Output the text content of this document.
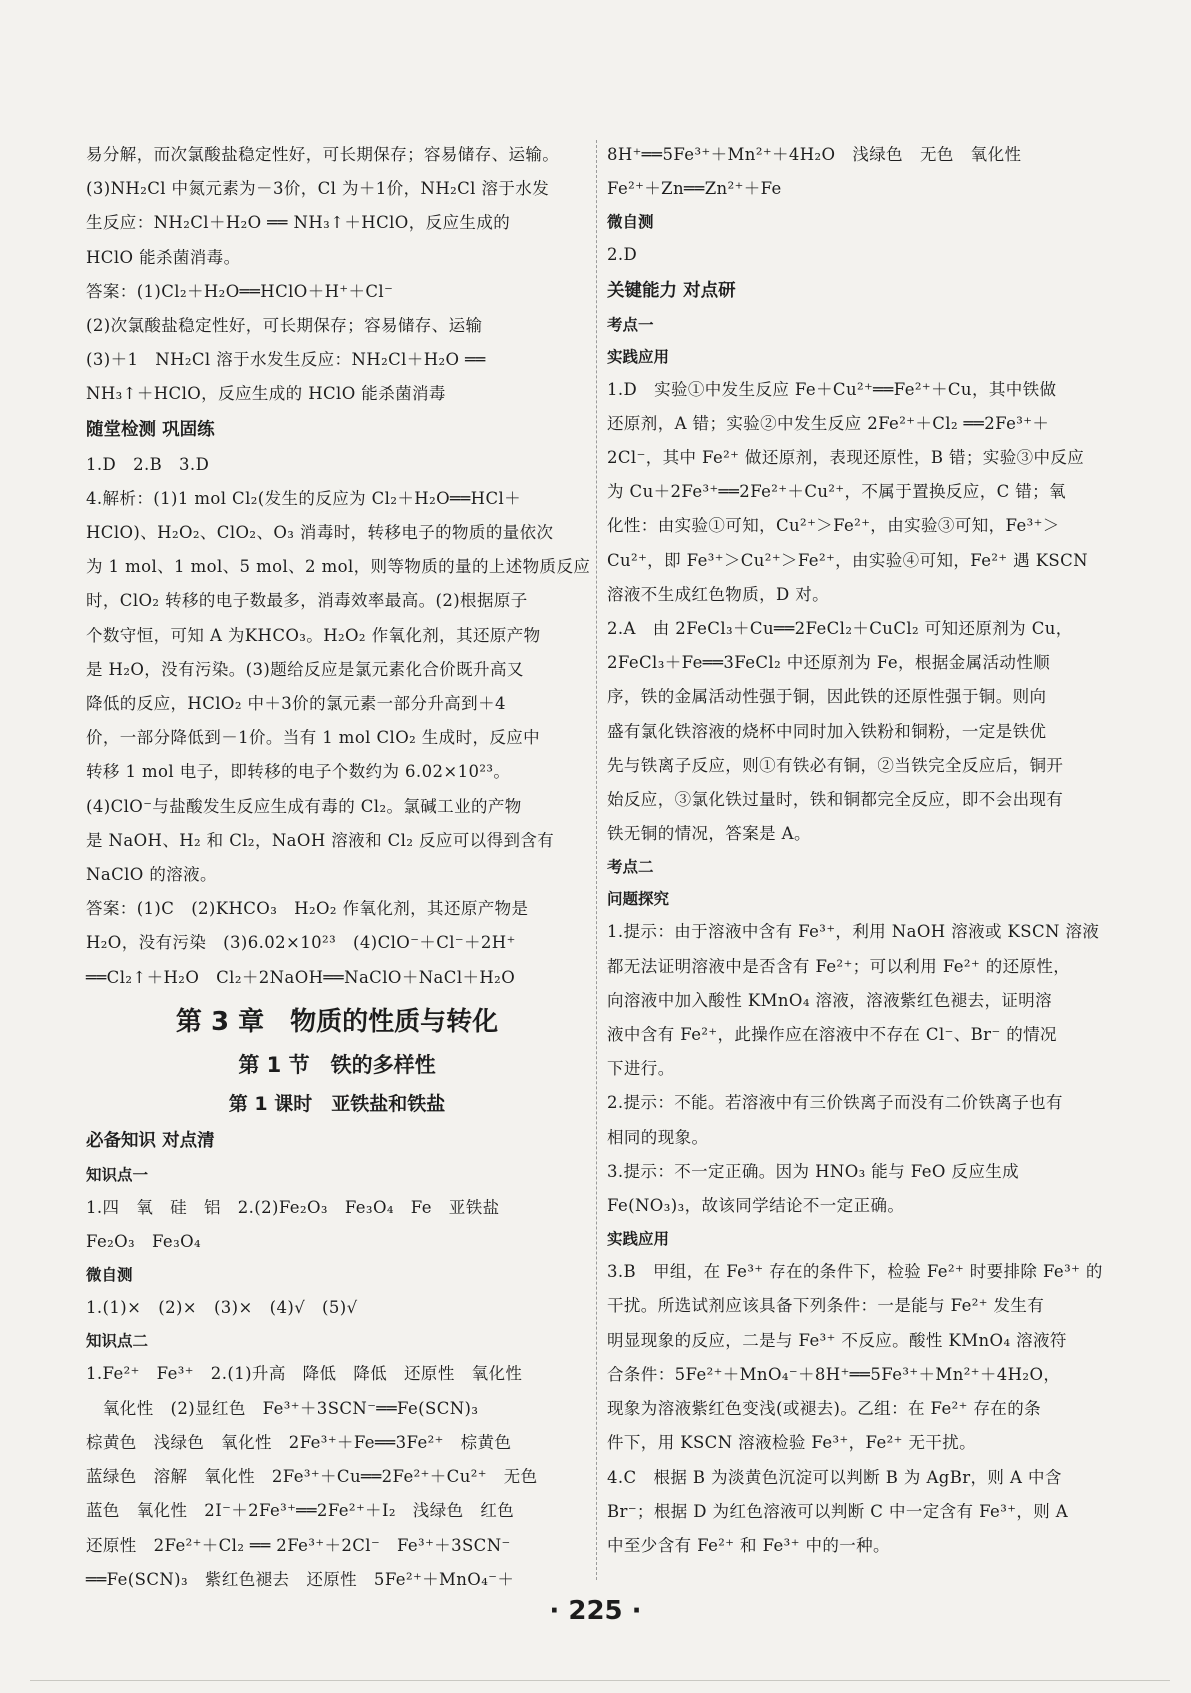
易分解，而次氯酸盐稳定性好，可长期保存；容易储存、运输。
(3)NH₂Cl 中氮元素为－3价，Cl 为＋1价，NH₂Cl 溶于水发
生反应：NH₂Cl＋H₂O ══ NH₃↑＋HClO，反应生成的
HClO 能杀菌消毒。
答案：(1)Cl₂＋H₂O══HClO＋H⁺＋Cl⁻
(2)次氯酸盐稳定性好，可长期保存；容易储存、运输
(3)＋1　NH₂Cl 溶于水发生反应：NH₂Cl＋H₂O ══
NH₃↑＋HClO，反应生成的 HClO 能杀菌消毒
随堂检测 巩固练
1.D　2.B　3.D
4.解析：(1)1 mol Cl₂(发生的反应为 Cl₂＋H₂O══HCl＋
HClO)、H₂O₂、ClO₂、O₃ 消毒时，转移电子的物质的量依次
为 1 mol、1 mol、5 mol、2 mol，则等物质的量的上述物质反应
时，ClO₂ 转移的电子数最多，消毒效率最高。(2)根据原子
个数守恒，可知 A 为KHCO₃。H₂O₂ 作氧化剂，其还原产物
是 H₂O，没有污染。(3)题给反应是氯元素化合价既升高又
降低的反应，HClO₂ 中＋3价的氯元素一部分升高到＋4
价，一部分降低到－1价。当有 1 mol ClO₂ 生成时，反应中
转移 1 mol 电子，即转移的电子个数约为 6.02×10²³。
(4)ClO⁻与盐酸发生反应生成有毒的 Cl₂。氯碱工业的产物
是 NaOH、H₂ 和 Cl₂，NaOH 溶液和 Cl₂ 反应可以得到含有
NaClO 的溶液。
答案：(1)C　(2)KHCO₃　H₂O₂ 作氧化剂，其还原产物是
H₂O，没有污染　(3)6.02×10²³　(4)ClO⁻＋Cl⁻＋2H⁺
══Cl₂↑＋H₂O　Cl₂＋2NaOH══NaClO＋NaCl＋H₂O
第 3 章　物质的性质与转化
第 1 节　铁的多样性
第 1 课时　亚铁盐和铁盐
必备知识 对点清
知识点一
1.四　氧　硅　铝　2.(2)Fe₂O₃　Fe₃O₄　Fe　亚铁盐
Fe₂O₃　Fe₃O₄
微自测
1.(1)×　(2)×　(3)×　(4)√　(5)√
知识点二
1.Fe²⁺　Fe³⁺　2.(1)升高　降低　降低　还原性　氧化性
　氧化性　(2)显红色　Fe³⁺＋3SCN⁻══Fe(SCN)₃
棕黄色　浅绿色　氧化性　2Fe³⁺＋Fe══3Fe²⁺　棕黄色
蓝绿色　溶解　氧化性　2Fe³⁺＋Cu══2Fe²⁺＋Cu²⁺　无色
蓝色　氧化性　2I⁻＋2Fe³⁺══2Fe²⁺＋I₂　浅绿色　红色
还原性　2Fe²⁺＋Cl₂ ══ 2Fe³⁺＋2Cl⁻　Fe³⁺＋3SCN⁻
══Fe(SCN)₃　紫红色褪去　还原性　5Fe²⁺＋MnO₄⁻＋
8H⁺══5Fe³⁺＋Mn²⁺＋4H₂O　浅绿色　无色　氧化性
Fe²⁺＋Zn══Zn²⁺＋Fe
微自测
2.D
关键能力 对点研
考点一
实践应用
1.D　实验①中发生反应 Fe＋Cu²⁺══Fe²⁺＋Cu，其中铁做
还原剂，A 错；实验②中发生反应 2Fe²⁺＋Cl₂ ══2Fe³⁺＋
2Cl⁻，其中 Fe²⁺ 做还原剂，表现还原性，B 错；实验③中反应
为 Cu＋2Fe³⁺══2Fe²⁺＋Cu²⁺，不属于置换反应，C 错；氧
化性：由实验①可知，Cu²⁺＞Fe²⁺，由实验③可知，Fe³⁺＞
Cu²⁺，即 Fe³⁺＞Cu²⁺＞Fe²⁺，由实验④可知，Fe²⁺ 遇 KSCN
溶液不生成红色物质，D 对。
2.A　由 2FeCl₃＋Cu══2FeCl₂＋CuCl₂ 可知还原剂为 Cu，
2FeCl₃＋Fe══3FeCl₂ 中还原剂为 Fe，根据金属活动性顺
序，铁的金属活动性强于铜，因此铁的还原性强于铜。则向
盛有氯化铁溶液的烧杯中同时加入铁粉和铜粉，一定是铁优
先与铁离子反应，则①有铁必有铜，②当铁完全反应后，铜开
始反应，③氯化铁过量时，铁和铜都完全反应，即不会出现有
铁无铜的情况，答案是 A。
考点二
问题探究
1.提示：由于溶液中含有 Fe³⁺，利用 NaOH 溶液或 KSCN 溶液
都无法证明溶液中是否含有 Fe²⁺；可以利用 Fe²⁺ 的还原性，
向溶液中加入酸性 KMnO₄ 溶液，溶液紫红色褪去，证明溶
液中含有 Fe²⁺，此操作应在溶液中不存在 Cl⁻、Br⁻ 的情况
下进行。
2.提示：不能。若溶液中有三价铁离子而没有二价铁离子也有
相同的现象。
3.提示：不一定正确。因为 HNO₃ 能与 FeO 反应生成
Fe(NO₃)₃，故该同学结论不一定正确。
实践应用
3.B　甲组，在 Fe³⁺ 存在的条件下，检验 Fe²⁺ 时要排除 Fe³⁺ 的
干扰。所选试剂应该具备下列条件：一是能与 Fe²⁺ 发生有
明显现象的反应，二是与 Fe³⁺ 不反应。酸性 KMnO₄ 溶液符
合条件：5Fe²⁺＋MnO₄⁻＋8H⁺══5Fe³⁺＋Mn²⁺＋4H₂O，
现象为溶液紫红色变浅(或褪去)。乙组：在 Fe²⁺ 存在的条
件下，用 KSCN 溶液检验 Fe³⁺，Fe²⁺ 无干扰。
4.C　根据 B 为淡黄色沉淀可以判断 B 为 AgBr，则 A 中含
Br⁻；根据 D 为红色溶液可以判断 C 中一定含有 Fe³⁺，则 A
中至少含有 Fe²⁺ 和 Fe³⁺ 中的一种。
· 225 ·
